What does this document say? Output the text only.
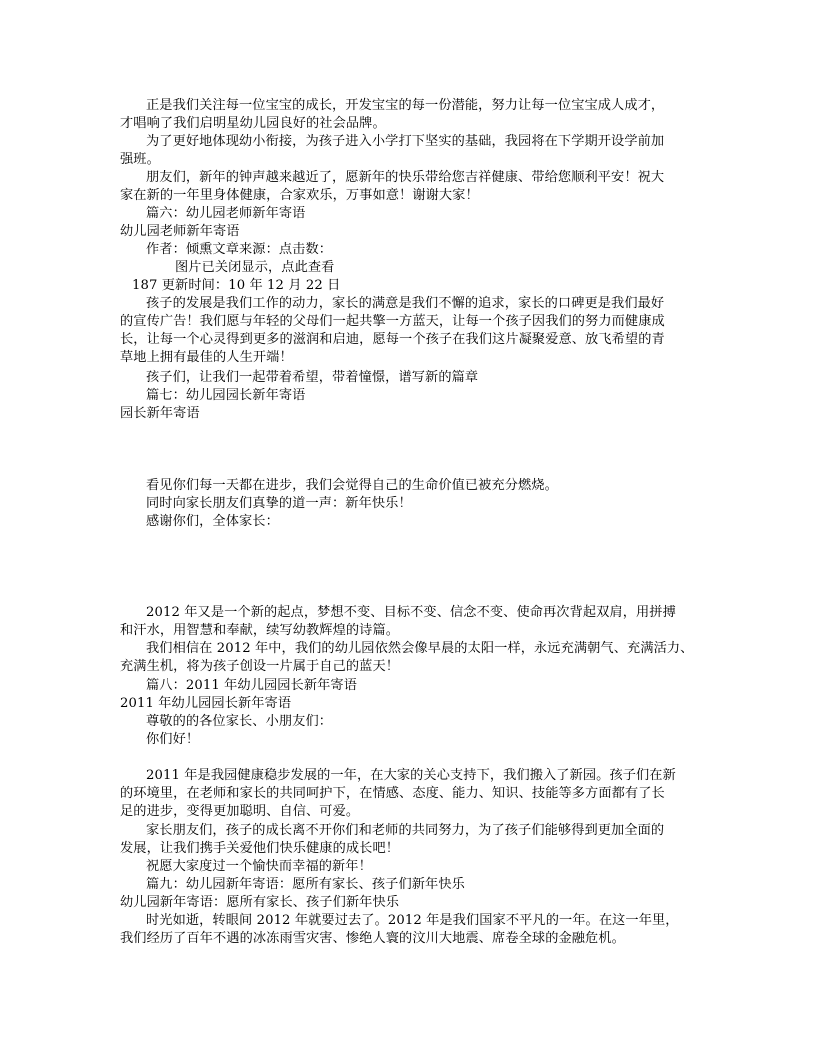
正是我们关注每一位宝宝的成长，开发宝宝的每一份潜能，努力让每一位宝宝成人成才，
才唱响了我们启明星幼儿园良好的社会品牌。
为了更好地体现幼小衔接，为孩子进入小学打下坚实的基础，我园将在下学期开设学前加
强班。
朋友们，新年的钟声越来越近了，愿新年的快乐带给您吉祥健康、带给您顺利平安！祝大
家在新的一年里身体健康，合家欢乐，万事如意！谢谢大家！
篇六：幼儿园老师新年寄语
幼儿园老师新年寄语
作者：倾熏文章来源：点击数：
图片已关闭显示，点此查看
187 更新时间：10 年 12 月 22 日
孩子的发展是我们工作的动力，家长的满意是我们不懈的追求，家长的口碑更是我们最好
的宣传广告！我们愿与年轻的父母们一起共擎一方蓝天，让每一个孩子因我们的努力而健康成
长，让每一个心灵得到更多的滋润和启迪，愿每一个孩子在我们这片凝聚爱意、放飞希望的青
草地上拥有最佳的人生开端！
孩子们，让我们一起带着希望，带着憧憬，谱写新的篇章
篇七：幼儿园园长新年寄语
园长新年寄语
看见你们每一天都在进步，我们会觉得自己的生命价值已被充分燃烧。
同时向家长朋友们真挚的道一声：新年快乐！
感谢你们，全体家长：
2012 年又是一个新的起点，梦想不变、目标不变、信念不变、使命再次背起双肩，用拼搏
和汗水，用智慧和奉献，续写幼教辉煌的诗篇。
我们相信在 2012 年中，我们的幼儿园依然会像早晨的太阳一样，永远充满朝气、充满活力、
充满生机，将为孩子创设一片属于自己的蓝天！
篇八：2011 年幼儿园园长新年寄语
2011 年幼儿园园长新年寄语
尊敬的的各位家长、小朋友们：
你们好！
2011 年是我园健康稳步发展的一年，在大家的关心支持下，我们搬入了新园。孩子们在新
的环境里，在老师和家长的共同呵护下，在情感、态度、能力、知识、技能等多方面都有了长
足的进步，变得更加聪明、自信、可爱。
家长朋友们，孩子的成长离不开你们和老师的共同努力，为了孩子们能够得到更加全面的
发展，让我们携手关爱他们快乐健康的成长吧！
祝愿大家度过一个愉快而幸福的新年！
篇九：幼儿园新年寄语：愿所有家长、孩子们新年快乐
幼儿园新年寄语：愿所有家长、孩子们新年快乐
时光如逝，转眼间 2012 年就要过去了。2012 年是我们国家不平凡的一年。在这一年里，
我们经历了百年不遇的冰冻雨雪灾害、惨绝人寰的汶川大地震、席卷全球的金融危机。
